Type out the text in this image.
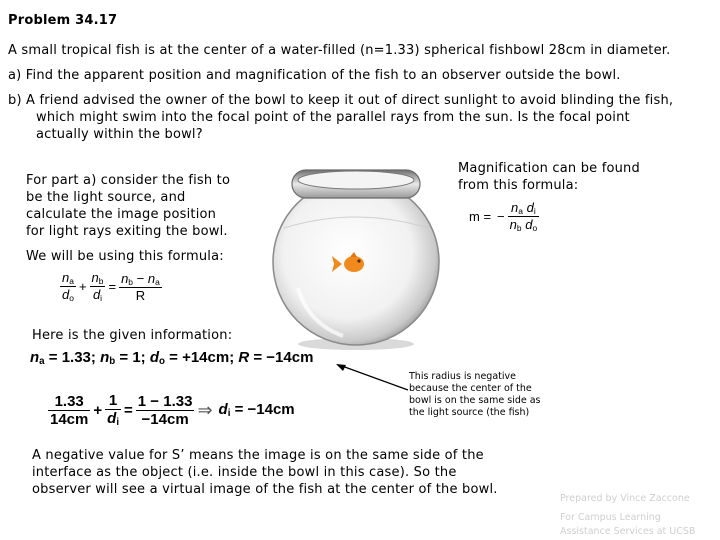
Problem 34.17
A small tropical fish is at the center of a water-filled (n=1.33) spherical fishbowl 28cm in diameter.
a) Find the apparent position and magnification of the fish to an observer outside the bowl.
b) A friend advised the owner of the bowl to keep it out of direct sunlight to avoid blinding the fish,
which might swim into the focal point of the parallel rays from the sun. Is the focal point
actually within the bowl?
For part a) consider the fish to
be the light source, and
calculate the image position
for light rays exiting the bowl.
Magnification can be found
from this formula:
m = − $\frac{n_a d_i}{n_b d_o}$
We will be using this formula:
$\frac{n_a}{d_o} + \frac{n_b}{d_i} = \frac{n_b - n_a}{R}$
Here is the given information:
$n_a = 1.33$; $n_b = 1$; $d_o = +14cm$; R = −14cm
This radius is negative
because the center of the
bowl is on the same side as
the light source (the fish)
$\frac{1.33}{14cm} + \frac{1}{d_i} = \frac{1 - 1.33}{-14cm}$ ⇒ $d_i = -14cm$
A negative value for S’ means the image is on the same side of the
interface as the object (i.e. inside the bowl in this case). So the
observer will see a virtual image of the fish at the center of the bowl.
Prepared by Vince Zaccone
For Campus Learning
Assistance Services at UCSB
